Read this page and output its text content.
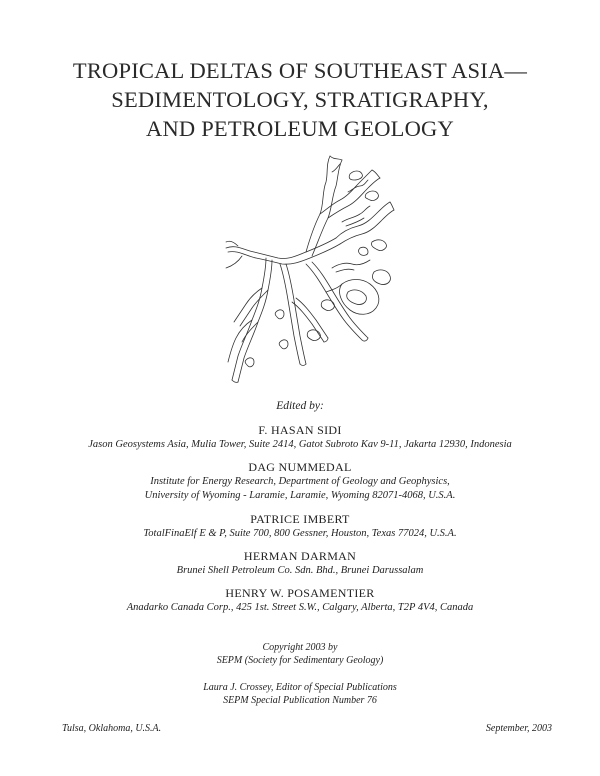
TROPICAL DELTAS OF SOUTHEAST ASIA—
SEDIMENTOLOGY, STRATIGRAPHY,
AND PETROLEUM GEOLOGY
Edited by:
F. HASAN SIDI
Jason Geosystems Asia, Mulia Tower, Suite 2414, Gatot Subroto Kav 9-11, Jakarta 12930, Indonesia
DAG NUMMEDAL
Institute for Energy Research, Department of Geology and Geophysics,
University of Wyoming - Laramie, Laramie, Wyoming 82071-4068, U.S.A.
PATRICE IMBERT
TotalFinaElf E & P, Suite 700, 800 Gessner, Houston, Texas 77024, U.S.A.
HERMAN DARMAN
Brunei Shell Petroleum Co. Sdn. Bhd., Brunei Darussalam
HENRY W. POSAMENTIER
Anadarko Canada Corp., 425 1st. Street S.W., Calgary, Alberta, T2P 4V4, Canada
Copyright 2003 by
SEPM (Society for Sedimentary Geology)
Laura J. Crossey, Editor of Special Publications
SEPM Special Publication Number 76
Tulsa, Oklahoma, U.S.A.	September, 2003
